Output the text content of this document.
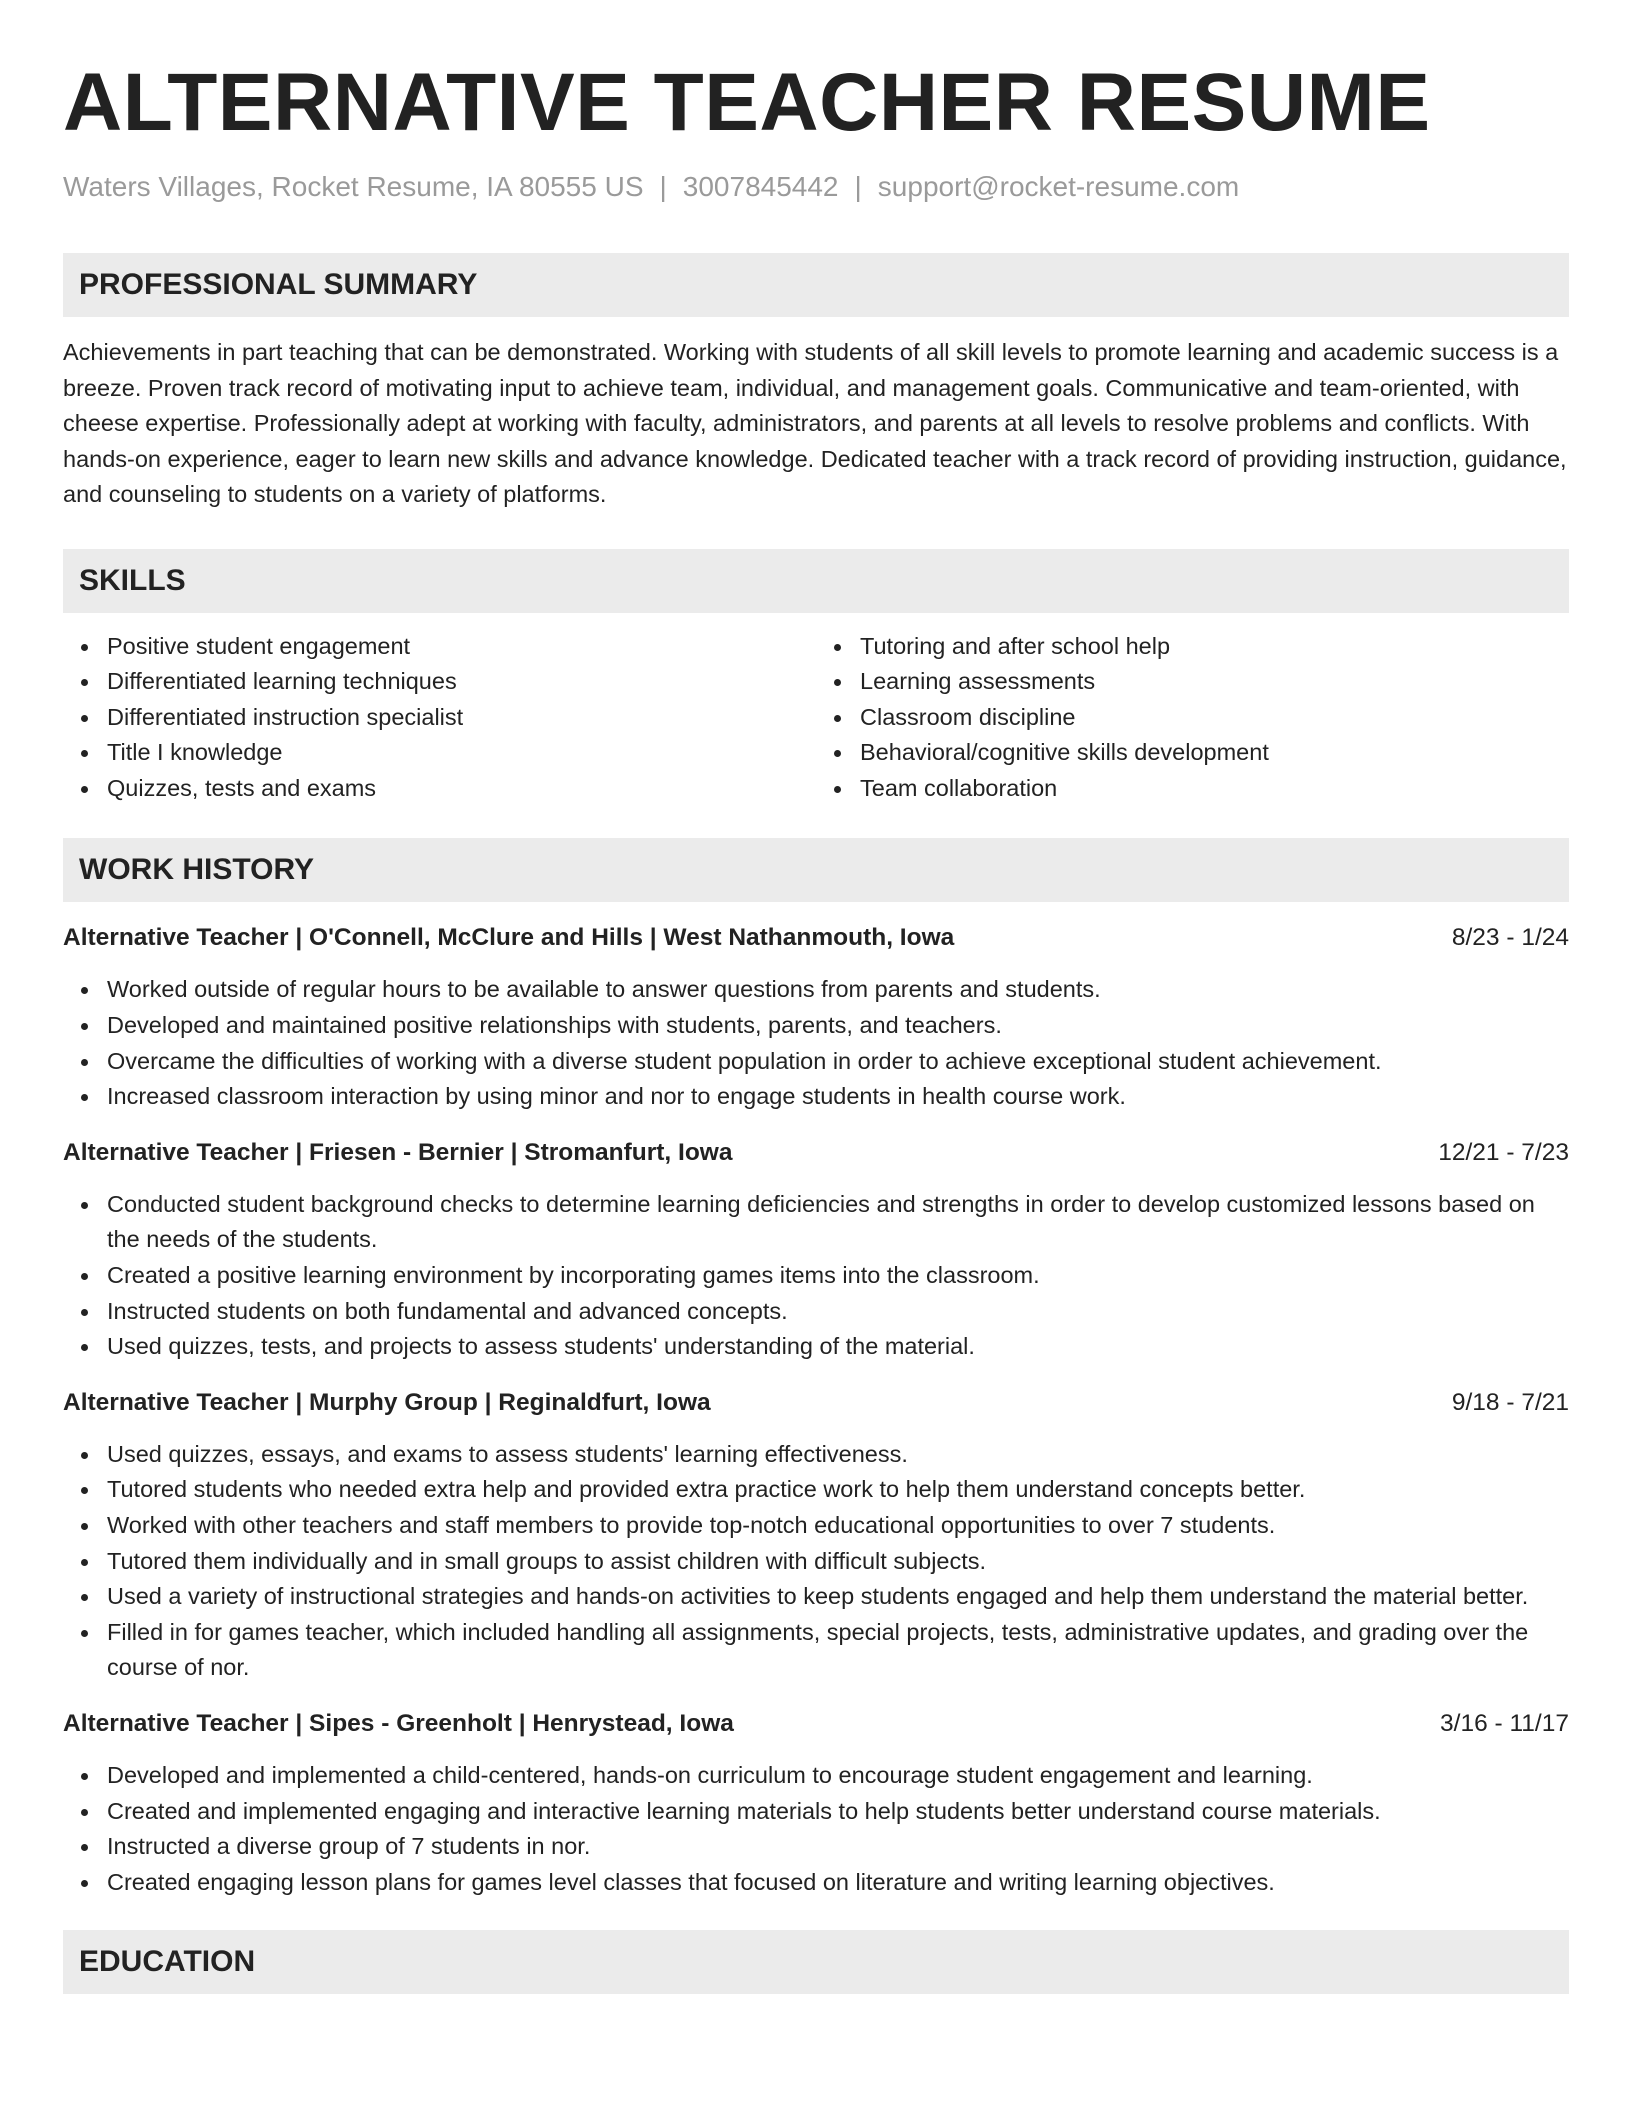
ALTERNATIVE TEACHER RESUME
Waters Villages, Rocket Resume, IA 80555 US | 3007845442 | support@rocket-resume.com
PROFESSIONAL SUMMARY

Achievements in part teaching that can be demonstrated. Working with students of all skill levels to promote learning and academic success is a breeze. Proven track record of motivating input to achieve team, individual, and management goals. Communicative and team-oriented, with cheese expertise. Professionally adept at working with faculty, administrators, and parents at all levels to resolve problems and conflicts. With hands-on experience, eager to learn new skills and advance knowledge. Dedicated teacher with a track record of providing instruction, guidance, and counseling to students on a variety of platforms.

SKILLS
Positive student engagement
Differentiated learning techniques
Differentiated instruction specialist
Title I knowledge
Quizzes, tests and exams
Tutoring and after school help
Learning assessments
Classroom discipline
Behavioral/cognitive skills development
Team collaboration
WORK HISTORY
Alternative Teacher | O'Connell, McClure and Hills | West Nathanmouth, Iowa	8/23 - 1/24
Worked outside of regular hours to be available to answer questions from parents and students.
Developed and maintained positive relationships with students, parents, and teachers.
Overcame the difficulties of working with a diverse student population in order to achieve exceptional student achievement.
Increased classroom interaction by using minor and nor to engage students in health course work.
Alternative Teacher | Friesen - Bernier | Stromanfurt, Iowa	12/21 - 7/23
Conducted student background checks to determine learning deficiencies and strengths in order to develop customized lessons based on the needs of the students.
Created a positive learning environment by incorporating games items into the classroom.
Instructed students on both fundamental and advanced concepts.
Used quizzes, tests, and projects to assess students' understanding of the material.
Alternative Teacher | Murphy Group | Reginaldfurt, Iowa	9/18 - 7/21
Used quizzes, essays, and exams to assess students' learning effectiveness.
Tutored students who needed extra help and provided extra practice work to help them understand concepts better.
Worked with other teachers and staff members to provide top-notch educational opportunities to over 7 students.
Tutored them individually and in small groups to assist children with difficult subjects.
Used a variety of instructional strategies and hands-on activities to keep students engaged and help them understand the material better.
Filled in for games teacher, which included handling all assignments, special projects, tests, administrative updates, and grading over the course of nor.
Alternative Teacher | Sipes - Greenholt | Henrystead, Iowa	3/16 - 11/17
Developed and implemented a child-centered, hands-on curriculum to encourage student engagement and learning.
Created and implemented engaging and interactive learning materials to help students better understand course materials.
Instructed a diverse group of 7 students in nor.
Created engaging lesson plans for games level classes that focused on literature and writing learning objectives.
EDUCATION
